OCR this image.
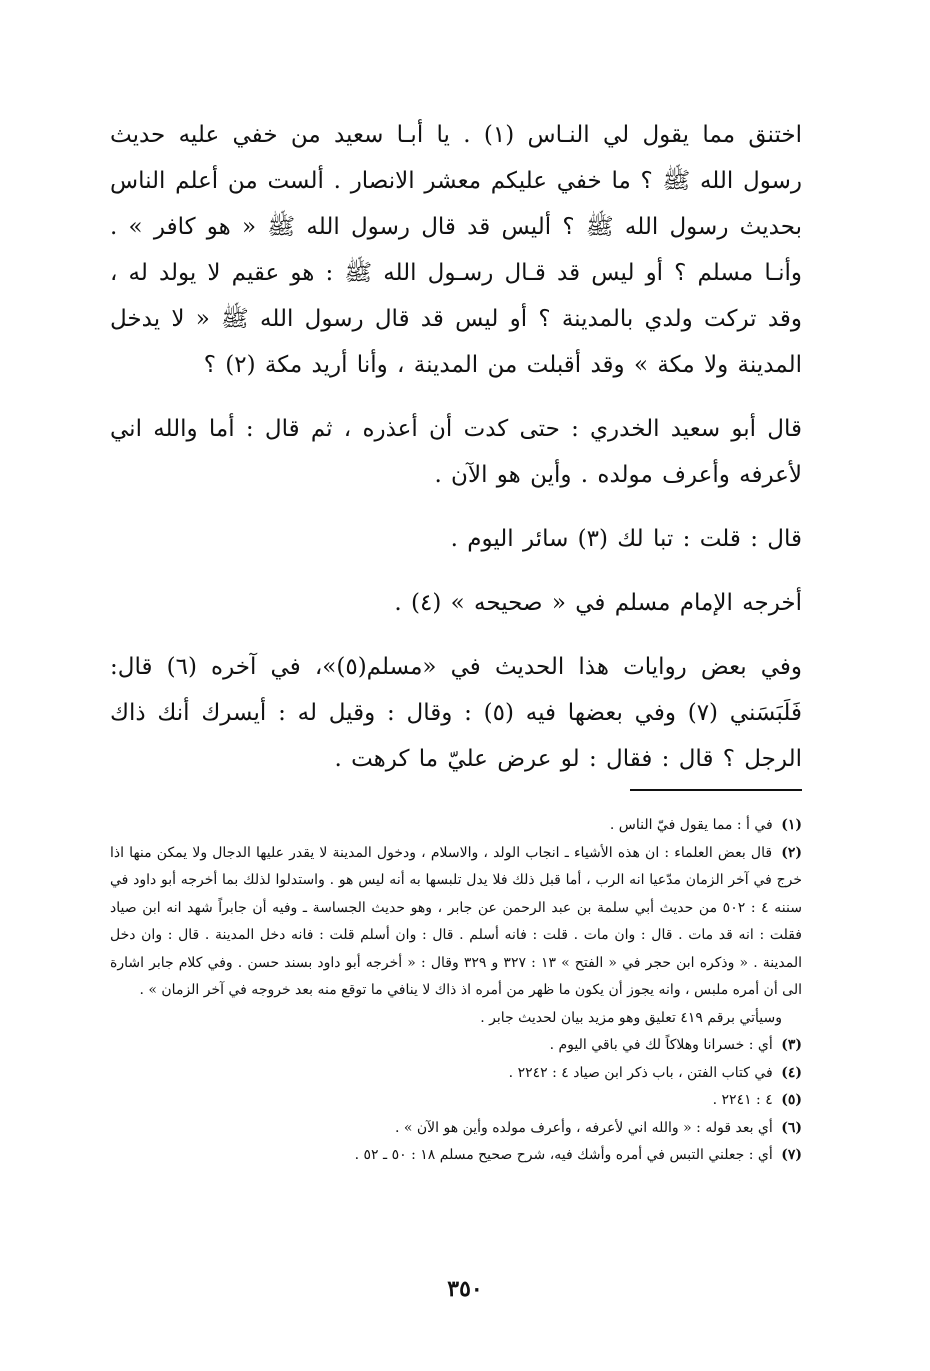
اختنق مما يقول لي النـاس (١) . يا أبـا سعيد من خفي عليه حديث رسول الله ﷺ ؟ ما خفي عليكم معشر الانصار . ألست من أعلم الناس بحديث رسول الله ﷺ ؟ أليس قد قال رسول الله ﷺ « هو كافر » . وأنـا مسلم ؟ أو ليس قد قـال رسـول الله ﷺ : هو عقيم لا يولد له ، وقد تركت ولدي بالمدينة ؟ أو ليس قد قال رسول الله ﷺ « لا يدخل المدينة ولا مكة » وقد أقبلت من المدينة ، وأنا أريد مكة (٢) ؟

قال أبو سعيد الخدري : حتى كدت أن أعذره ، ثم قال : أما والله اني لأعرفه وأعرف مولده . وأين هو الآن .

قال : قلت : تبا لك (٣) سائر اليوم .

أخرجه الإمام مسلم في « صحيحه » (٤) .

وفي بعض روايات هذا الحديث في «مسلم(٥)»، في آخره (٦) قال: فَلَبَسَني (٧) وفي بعضها فيه (٥) : وقال : وقيل له : أيسرك أنك ذاك الرجل ؟ قال : فقال : لو عرض عليّ ما كرهت .

(١) في أ : مما يقول فيّ الناس .

(٢) قال بعض العلماء : ان هذه الأشياء ـ انجاب الولد ، والاسلام ، ودخول المدينة لا يقدر عليها الدجال ولا يمكن منها اذا خرج في آخر الزمان مدّعيا انه الرب ، أما قبل ذلك فلا يدل تلبسها به أنه ليس هو . واستدلوا لذلك بما أخرجه أبو داود في سننه ٤ : ٥٠٢ من حديث أبي سلمة بن عبد الرحمن عن جابر ، وهو حديث الجساسة ـ وفيه أن جابراً شهد انه ابن صياد فقلت : انه قد مات . قال : وان مات . قلت : فانه أسلم . قال : وان أسلم قلت : فانه دخل المدينة . قال : وان دخل المدينة . « وذكره ابن حجر في « الفتح » ١٣ : ٣٢٧ و ٣٢٩ وقال : « أخرجه أبو داود بسند حسن . وفي كلام جابر اشارة الى أن أمره ملبس ، وانه يجوز أن يكون ما ظهر من أمره اذ ذاك لا ينافي ما توقع منه بعد خروجه في آخر الزمان » .

وسيأتي برقم ٤١٩ تعليق وهو مزيد بيان لحديث جابر .

(٣) أي : خسرانا وهلاكاً لك في باقي اليوم .

(٤) في كتاب الفتن ، باب ذكر ابن صياد ٤ : ٢٢٤٢ .

(٥) ٤ : ٢٢٤١ .

(٦) أي بعد قوله : « والله اني لأعرفه ، وأعرف مولده وأين هو الآن » .

(٧) أي : جعلني التبس في أمره وأشك فيه، شرح صحيح مسلم ١٨ : ٥٠ ـ ٥٢ .

٣٥٠
